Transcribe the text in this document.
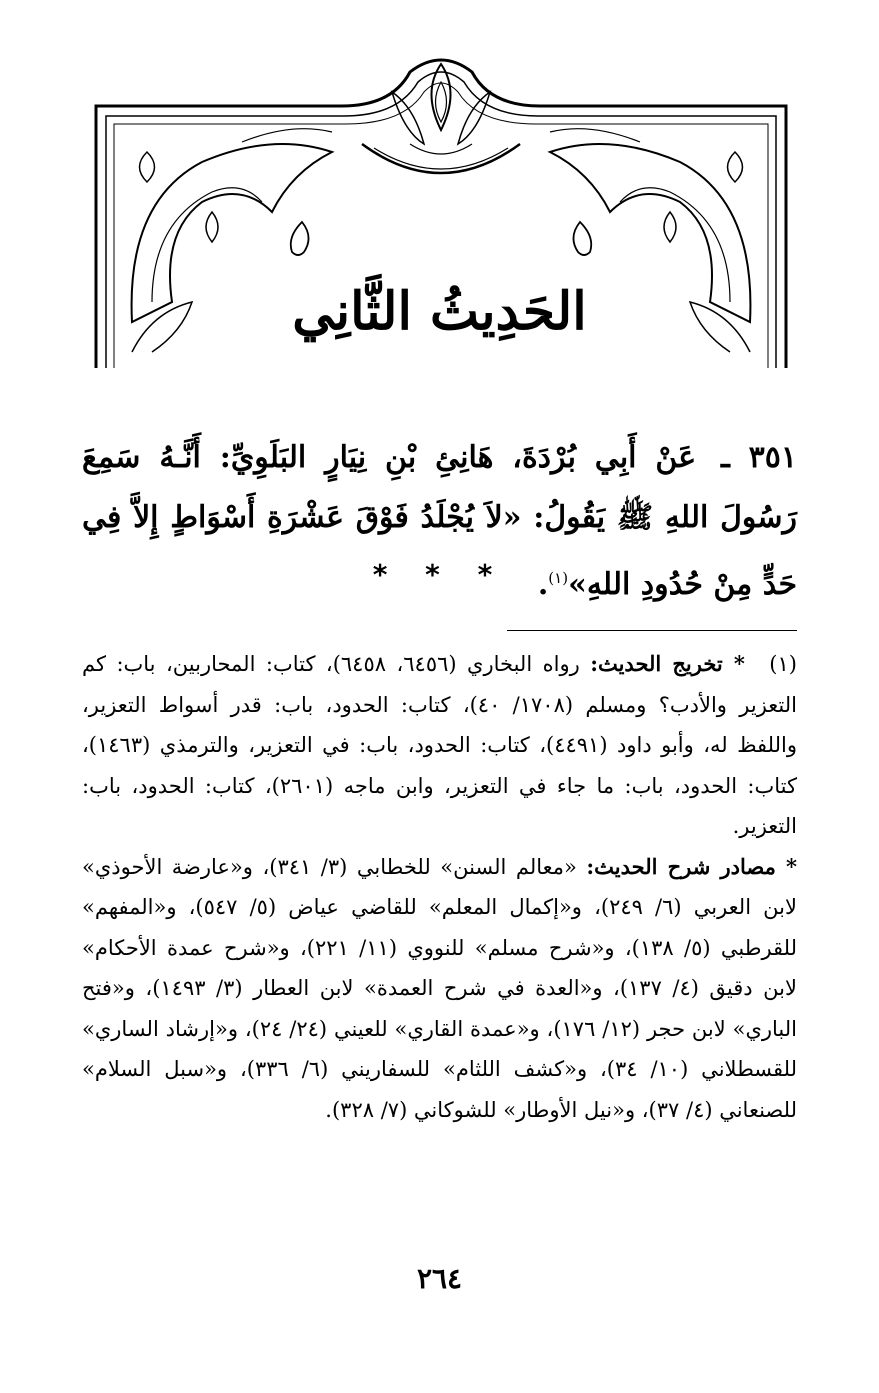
الحَدِيثُ الثَّانِي
٣٥١ ـ عَنْ أَبِي بُرْدَةَ، هَانِئِ بْنِ نِيَارٍ البَلَوِيِّ: أَنَّـهُ سَمِعَ رَسُولَ اللهِ ﷺ يَقُولُ: «لاَ يُجْلَدُ فَوْقَ عَشْرَةِ أَسْوَاطٍ إِلاَّ فِي حَدٍّ مِنْ حُدُودِ اللهِ»$^{(١)}$.
* * *

(١) * تخريج الحديث: رواه البخاري (٦٤٥٦، ٦٤٥٨)، كتاب: المحاربين، باب: كم التعزير والأدب؟ ومسلم (١٧٠٨/ ٤٠)، كتاب: الحدود، باب: قدر أسواط التعزير، واللفظ له، وأبو داود (٤٤٩١)، كتاب: الحدود، باب: في التعزير، والترمذي (١٤٦٣)، كتاب: الحدود، باب: ما جاء في التعزير، وابن ماجه (٢٦٠١)، كتاب: الحدود، باب: التعزير.

* مصادر شرح الحديث: «معالم السنن» للخطابي (٣/ ٣٤١)، و«عارضة الأحوذي» لابن العربي (٦/ ٢٤٩)، و«إكمال المعلم» للقاضي عياض (٥/ ٥٤٧)، و«المفهم» للقرطبي (٥/ ١٣٨)، و«شرح مسلم» للنووي (١١/ ٢٢١)، و«شرح عمدة الأحكام» لابن دقيق (٤/ ١٣٧)، و«العدة في شرح العمدة» لابن العطار (٣/ ١٤٩٣)، و«فتح الباري» لابن حجر (١٢/ ١٧٦)، و«عمدة القاري» للعيني (٢٤/ ٢٤)، و«إرشاد الساري» للقسطلاني (١٠/ ٣٤)، و«كشف اللثام» للسفاريني (٦/ ٣٣٦)، و«سبل السلام» للصنعاني (٤/ ٣٧)، و«نيل الأوطار» للشوكاني (٧/ ٣٢٨).

٢٦٤
